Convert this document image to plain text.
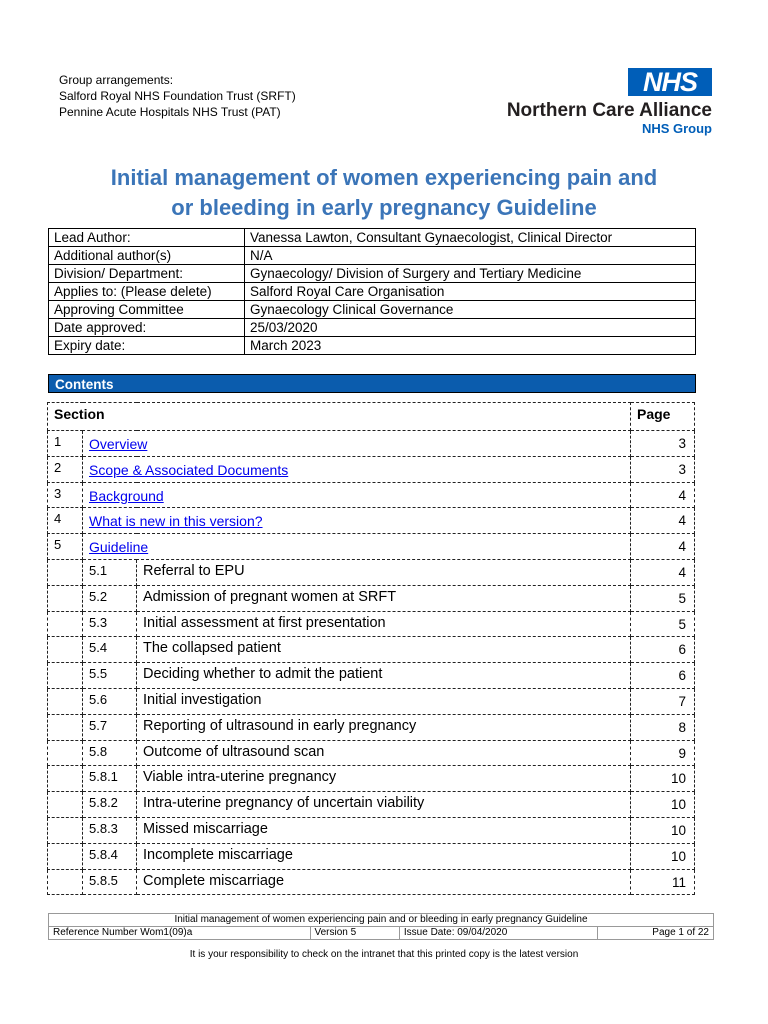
Group arrangements:
Salford Royal NHS Foundation Trust (SRFT)
Pennine Acute Hospitals NHS Trust (PAT)
NHS
Northern Care Alliance
NHS Group
Initial management of women experiencing pain and
or bleeding in early pregnancy Guideline
Lead Author:	Vanessa Lawton, Consultant Gynaecologist, Clinical Director
Additional author(s)	N/A
Division/ Department:	Gynaecology/ Division of Surgery and Tertiary Medicine
Applies to: (Please delete)	Salford Royal Care Organisation
Approving Committee	Gynaecology Clinical Governance
Date approved:	25/03/2020
Expiry date:	March 2023
Contents
Section			Page
1	Overview		3
2	Scope & Associated Documents		3
3	Background		4
4	What is new in this version?		4
5	Guideline		4
	5.1	Referral to EPU	4
	5.2	Admission of pregnant women at SRFT	5
	5.3	Initial assessment at first presentation	5
	5.4	The collapsed patient	6
	5.5	Deciding whether to admit the patient	6
	5.6	Initial investigation	7
	5.7	Reporting of ultrasound in early pregnancy	8
	5.8	Outcome of ultrasound scan	9
	5.8.1	Viable intra-uterine pregnancy	10
	5.8.2	Intra-uterine pregnancy of uncertain viability	10
	5.8.3	Missed miscarriage	10
	5.8.4	Incomplete miscarriage	10
	5.8.5	Complete miscarriage	11
Initial management of women experiencing pain and or bleeding in early pregnancy Guideline
Reference Number Wom1(09)a	Version 5	Issue Date: 09/04/2020	Page 1 of 22
It is your responsibility to check on the intranet that this printed copy is the latest version
